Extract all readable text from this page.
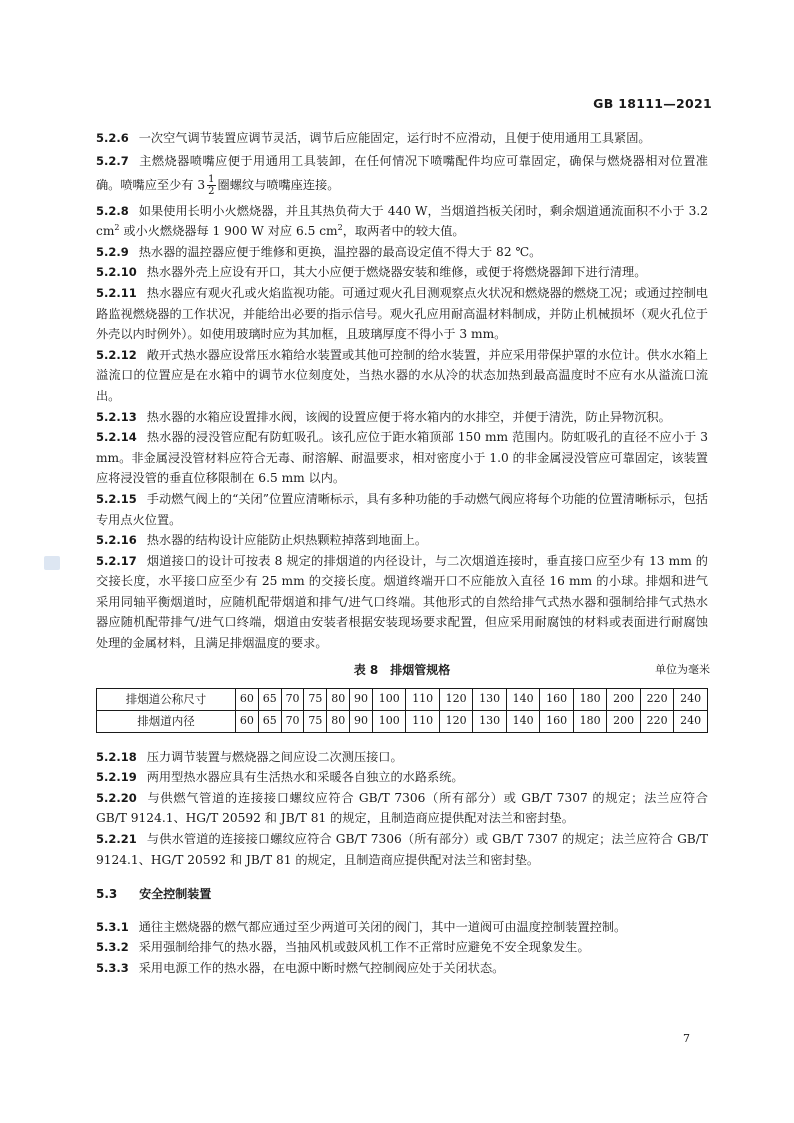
GB 18111—2021

5.2.6 一次空气调节装置应调节灵活，调节后应能固定，运行时不应滑动，且便于使用通用工具紧固。

5.2.7 主燃烧器喷嘴应便于用通用工具装卸，在任何情况下喷嘴配件均应可靠固定，确保与燃烧器相对位置准确。喷嘴应至少有 $3 \frac{1}{2}$ 圈螺纹与喷嘴座连接。

5.2.8 如果使用长明小火燃烧器，并且其热负荷大于 440 W，当烟道挡板关闭时，剩余烟道通流面积不小于 3.2 $cm^2$ 或小火燃烧器每 1 900 W 对应 6.5 $cm^2$，取两者中的较大值。

5.2.9 热水器的温控器应便于维修和更换，温控器的最高设定值不得大于 82 ℃。

5.2.10 热水器外壳上应设有开口，其大小应便于燃烧器安装和维修，或便于将燃烧器卸下进行清理。

5.2.11 热水器应有观火孔或火焰监视功能。可通过观火孔目测观察点火状况和燃烧器的燃烧工况；或通过控制电路监视燃烧器的工作状况，并能给出必要的指示信号。观火孔应用耐高温材料制成，并防止机械损坏（观火孔位于外壳以内时例外）。如使用玻璃时应为其加框，且玻璃厚度不得小于 3 mm。

5.2.12 敞开式热水器应设常压水箱给水装置或其他可控制的给水装置，并应采用带保护罩的水位计。供水水箱上溢流口的位置应是在水箱中的调节水位刻度处，当热水器的水从冷的状态加热到最高温度时不应有水从溢流口流出。

5.2.13 热水器的水箱应设置排水阀，该阀的设置应便于将水箱内的水排空，并便于清洗，防止异物沉积。

5.2.14 热水器的浸没管应配有防虹吸孔。该孔应位于距水箱顶部 150 mm 范围内。防虹吸孔的直径不应小于 3 mm。非金属浸没管材料应符合无毒、耐溶解、耐温要求，相对密度小于 1.0 的非金属浸没管应可靠固定，该装置应将浸没管的垂直位移限制在 6.5 mm 以内。

5.2.15 手动燃气阀上的“关闭”位置应清晰标示，具有多种功能的手动燃气阀应将每个功能的位置清晰标示，包括专用点火位置。

5.2.16 热水器的结构设计应能防止炽热颗粒掉落到地面上。

5.2.17 烟道接口的设计可按表 8 规定的排烟道的内径设计，与二次烟道连接时，垂直接口应至少有 13 mm 的交接长度，水平接口应至少有 25 mm 的交接长度。烟道终端开口不应能放入直径 16 mm 的小球。排烟和进气采用同轴平衡烟道时，应随机配带烟道和排气/进气口终端。其他形式的自然给排气式热水器和强制给排气式热水器应随机配带排气/进气口终端，烟道由安装者根据安装现场要求配置，但应采用耐腐蚀的材料或表面进行耐腐蚀处理的金属材料，且满足排烟温度的要求。

表 8　排烟管规格	单位为毫米
排烟道公称尺寸	60	65	70	75	80	90	100	110	120	130	140	160	180	200	220	240
排烟道内径	60	65	70	75	80	90	100	110	120	130	140	160	180	200	220	240

5.2.18 压力调节装置与燃烧器之间应设二次测压接口。

5.2.19 两用型热水器应具有生活热水和采暖各自独立的水路系统。

5.2.20 与供燃气管道的连接接口螺纹应符合 GB/T 7306（所有部分）或 GB/T 7307 的规定；法兰应符合 GB/T 9124.1、HG/T 20592 和 JB/T 81 的规定，且制造商应提供配对法兰和密封垫。

5.2.21 与供水管道的连接接口螺纹应符合 GB/T 7306（所有部分）或 GB/T 7307 的规定；法兰应符合 GB/T 9124.1、HG/T 20592 和 JB/T 81 的规定，且制造商应提供配对法兰和密封垫。

5.3 安全控制装置

5.3.1 通往主燃烧器的燃气都应通过至少两道可关闭的阀门，其中一道阀可由温度控制装置控制。

5.3.2 采用强制给排气的热水器，当抽风机或鼓风机工作不正常时应避免不安全现象发生。

5.3.3 采用电源工作的热水器，在电源中断时燃气控制阀应处于关闭状态。

7
